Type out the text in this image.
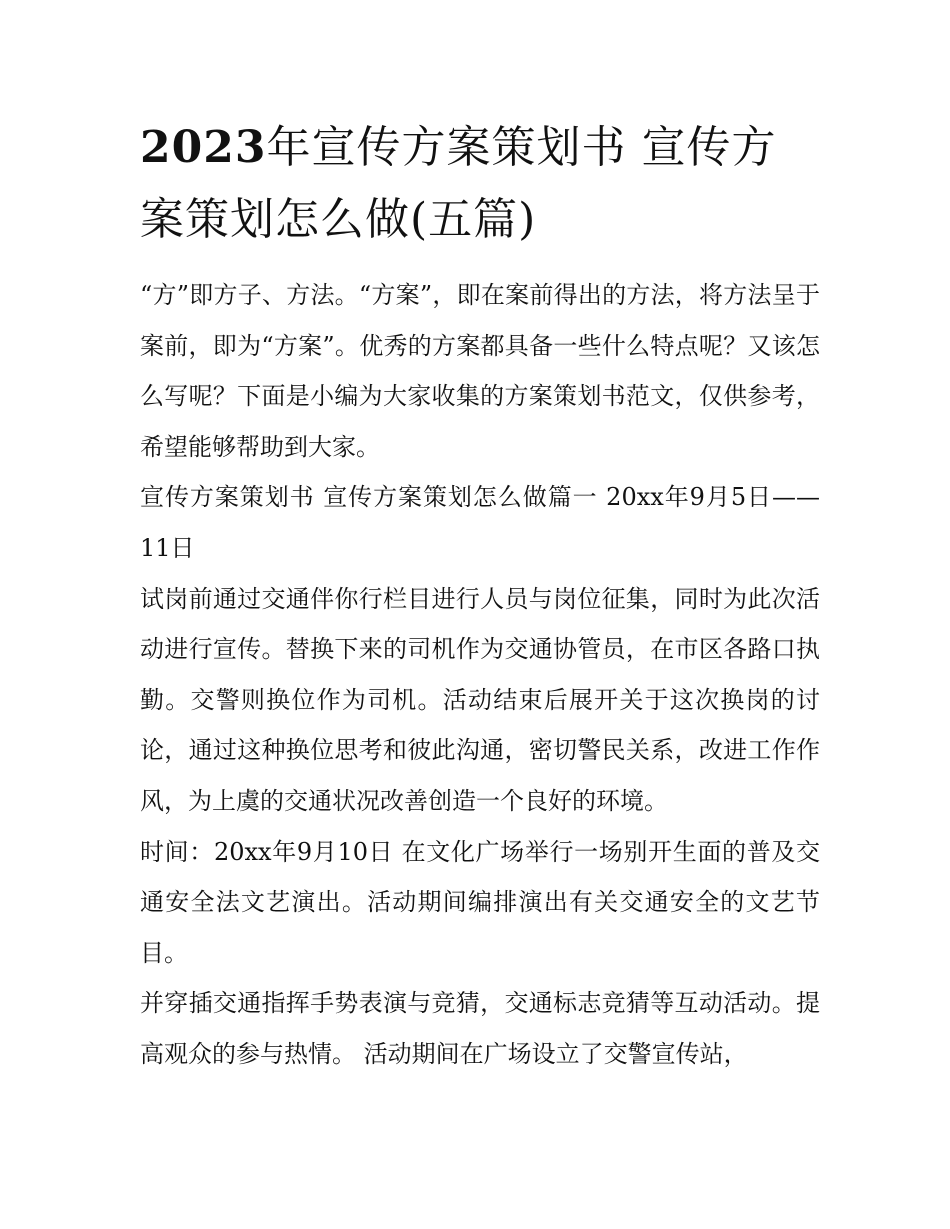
2023年宣传方案策划书 宣传方案策划怎么做(五篇)

“方”即方子、方法。“方案”，即在案前得出的方法，将方法呈于案前，即为“方案”。优秀的方案都具备一些什么特点呢？又该怎么写呢？下面是小编为大家收集的方案策划书范文，仅供参考，希望能够帮助到大家。

宣传方案策划书 宣传方案策划怎么做篇一 20xx年9月5日——11日

试岗前通过交通伴你行栏目进行人员与岗位征集，同时为此次活动进行宣传。替换下来的司机作为交通协管员，在市区各路口执勤。交警则换位作为司机。活动结束后展开关于这次换岗的讨论，通过这种换位思考和彼此沟通，密切警民关系，改进工作作风，为上虞的交通状况改善创造一个良好的环境。

时间：20xx年9月10日 在文化广场举行一场别开生面的普及交通安全法文艺演出。活动期间编排演出有关交通安全的文艺节目。

并穿插交通指挥手势表演与竞猜，交通标志竞猜等互动活动。提高观众的参与热情。 活动期间在广场设立了交警宣传站，
